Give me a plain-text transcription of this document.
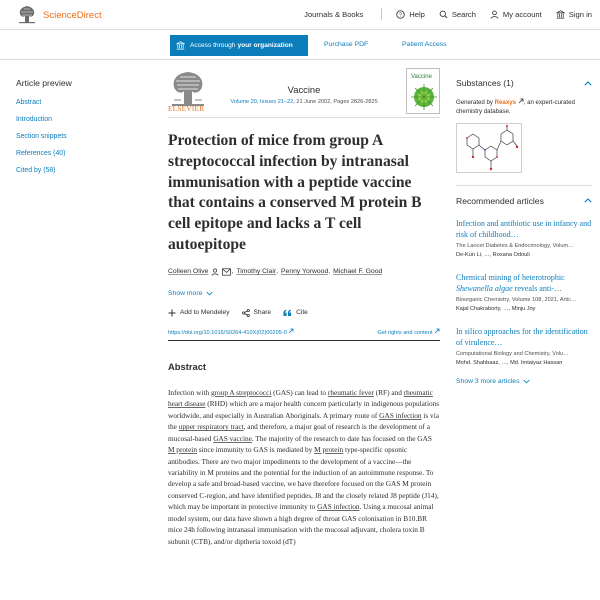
ScienceDirect	Journals & Books	? Help	Search	My account	Sign in
Access through your organization	Purchase PDF	Patient Access
Article preview
Abstract
Introduction
Section snippets
References (40)
Cited by (58)
ELSEVIER
Vaccine
Volume 20, Issues 21–22, 21 June 2002, Pages 2826-2825
Vaccine
Protection of mice from group A streptococcal infection by intranasal immunisation with a peptide vaccine that contains a conserved M protein B cell epitope and lacks a T cell autoepitope
Colleen Olive	, Timothy Clair , Penny Yorwood , Michael F. Good
Show more
Add to Mendeley	Share	Cite
https://doi.org/10.1016/S0264-410X(02)00205-0	Get rights and content
Abstract

Infection with group A streptococci (GAS) can lead to rheumatic fever (RF) and rheumatic heart disease (RHD) which are a major health concern particularly in indigenous populations worldwide, and especially in Australian Aboriginals. A primary route of GAS infection is via the upper respiratory tract, and therefore, a major goal of research is the development of a mucosal-based GAS vaccine. The majority of the research to date has focused on the GAS M protein since immunity to GAS is mediated by M protein type-specific opsonic antibodies. There are two major impediments to the development of a vaccine—the variability in M proteins and the potential for the induction of an autoimmune response. To develop a safe and broad-based vaccine, we have therefore focused on the GAS M protein conserved C-region, and have identified peptides, J8 and the closely related J8 peptide (J14), which may be important in protective immunity to GAS infection. Using a mucosal animal model system, our data have shown a high degree of throat GAS colonisation in B10.BR mice 24h following intranasal immunisation with the mucosal adjuvant, cholera toxin B subunit (CTB), and/or diptheria toxoid (dT)

Substances (1)
Generated by Reaxys , an expert-curated chemistry database.
Recommended articles
Infection and antibiotic use in infancy and risk of childhood…
The Lancet Diabetes & Endocrinology, Volum…
De-Kun Li, …, Roxana Odouli
Chemical mining of heterotrophic Shewanella algae reveals anti-…
Bioorganic Chemistry, Volume 108, 2021, Artic…
Kajal Chakraborty, …, Minju Joy
In silico approaches for the identification of virulence…
Computational Biology and Chemistry, Volu…
Mohd. Shahbaaz, …, Md. Imtaiyaz Hassan
Show 3 more articles
